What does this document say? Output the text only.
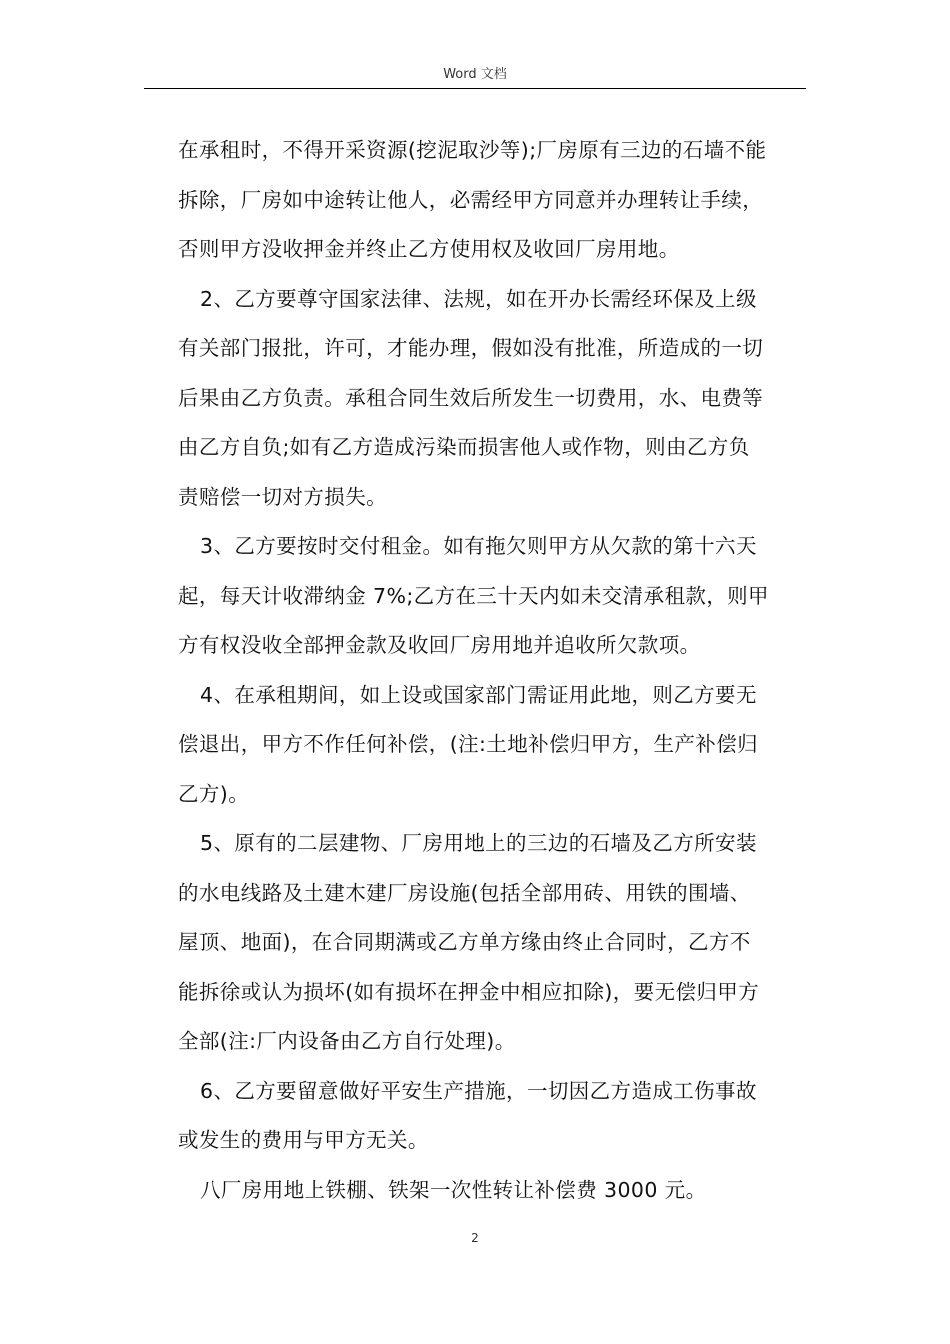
Word 文档
在承租时，不得开采资源(挖泥取沙等);厂房原有三边的石墙不能
拆除，厂房如中途转让他人，必需经甲方同意并办理转让手续，
否则甲方没收押金并终止乙方使用权及收回厂房用地。
2、乙方要尊守国家法律、法规，如在开办长需经环保及上级
有关部门报批，许可，才能办理，假如没有批准，所造成的一切
后果由乙方负责。承租合同生效后所发生一切费用，水、电费等
由乙方自负;如有乙方造成污染而损害他人或作物，则由乙方负
责赔偿一切对方损失。
3、乙方要按时交付租金。如有拖欠则甲方从欠款的第十六天
起，每天计收滞纳金 7%;乙方在三十天内如未交清承租款，则甲
方有权没收全部押金款及收回厂房用地并追收所欠款项。
4、在承租期间，如上设或国家部门需证用此地，则乙方要无
偿退出，甲方不作任何补偿，(注:土地补偿归甲方，生产补偿归
乙方)。
5、原有的二层建物、厂房用地上的三边的石墙及乙方所安装
的水电线路及土建木建厂房设施(包括全部用砖、用铁的围墙、
屋顶、地面)，在合同期满或乙方单方缘由终止合同时，乙方不
能拆徐或认为损坏(如有损坏在押金中相应扣除)，要无偿归甲方
全部(注:厂内设备由乙方自行处理)。
6、乙方要留意做好平安生产措施，一切因乙方造成工伤事故
或发生的费用与甲方无关。
八厂房用地上铁棚、铁架一次性转让补偿费 3000 元。
2
